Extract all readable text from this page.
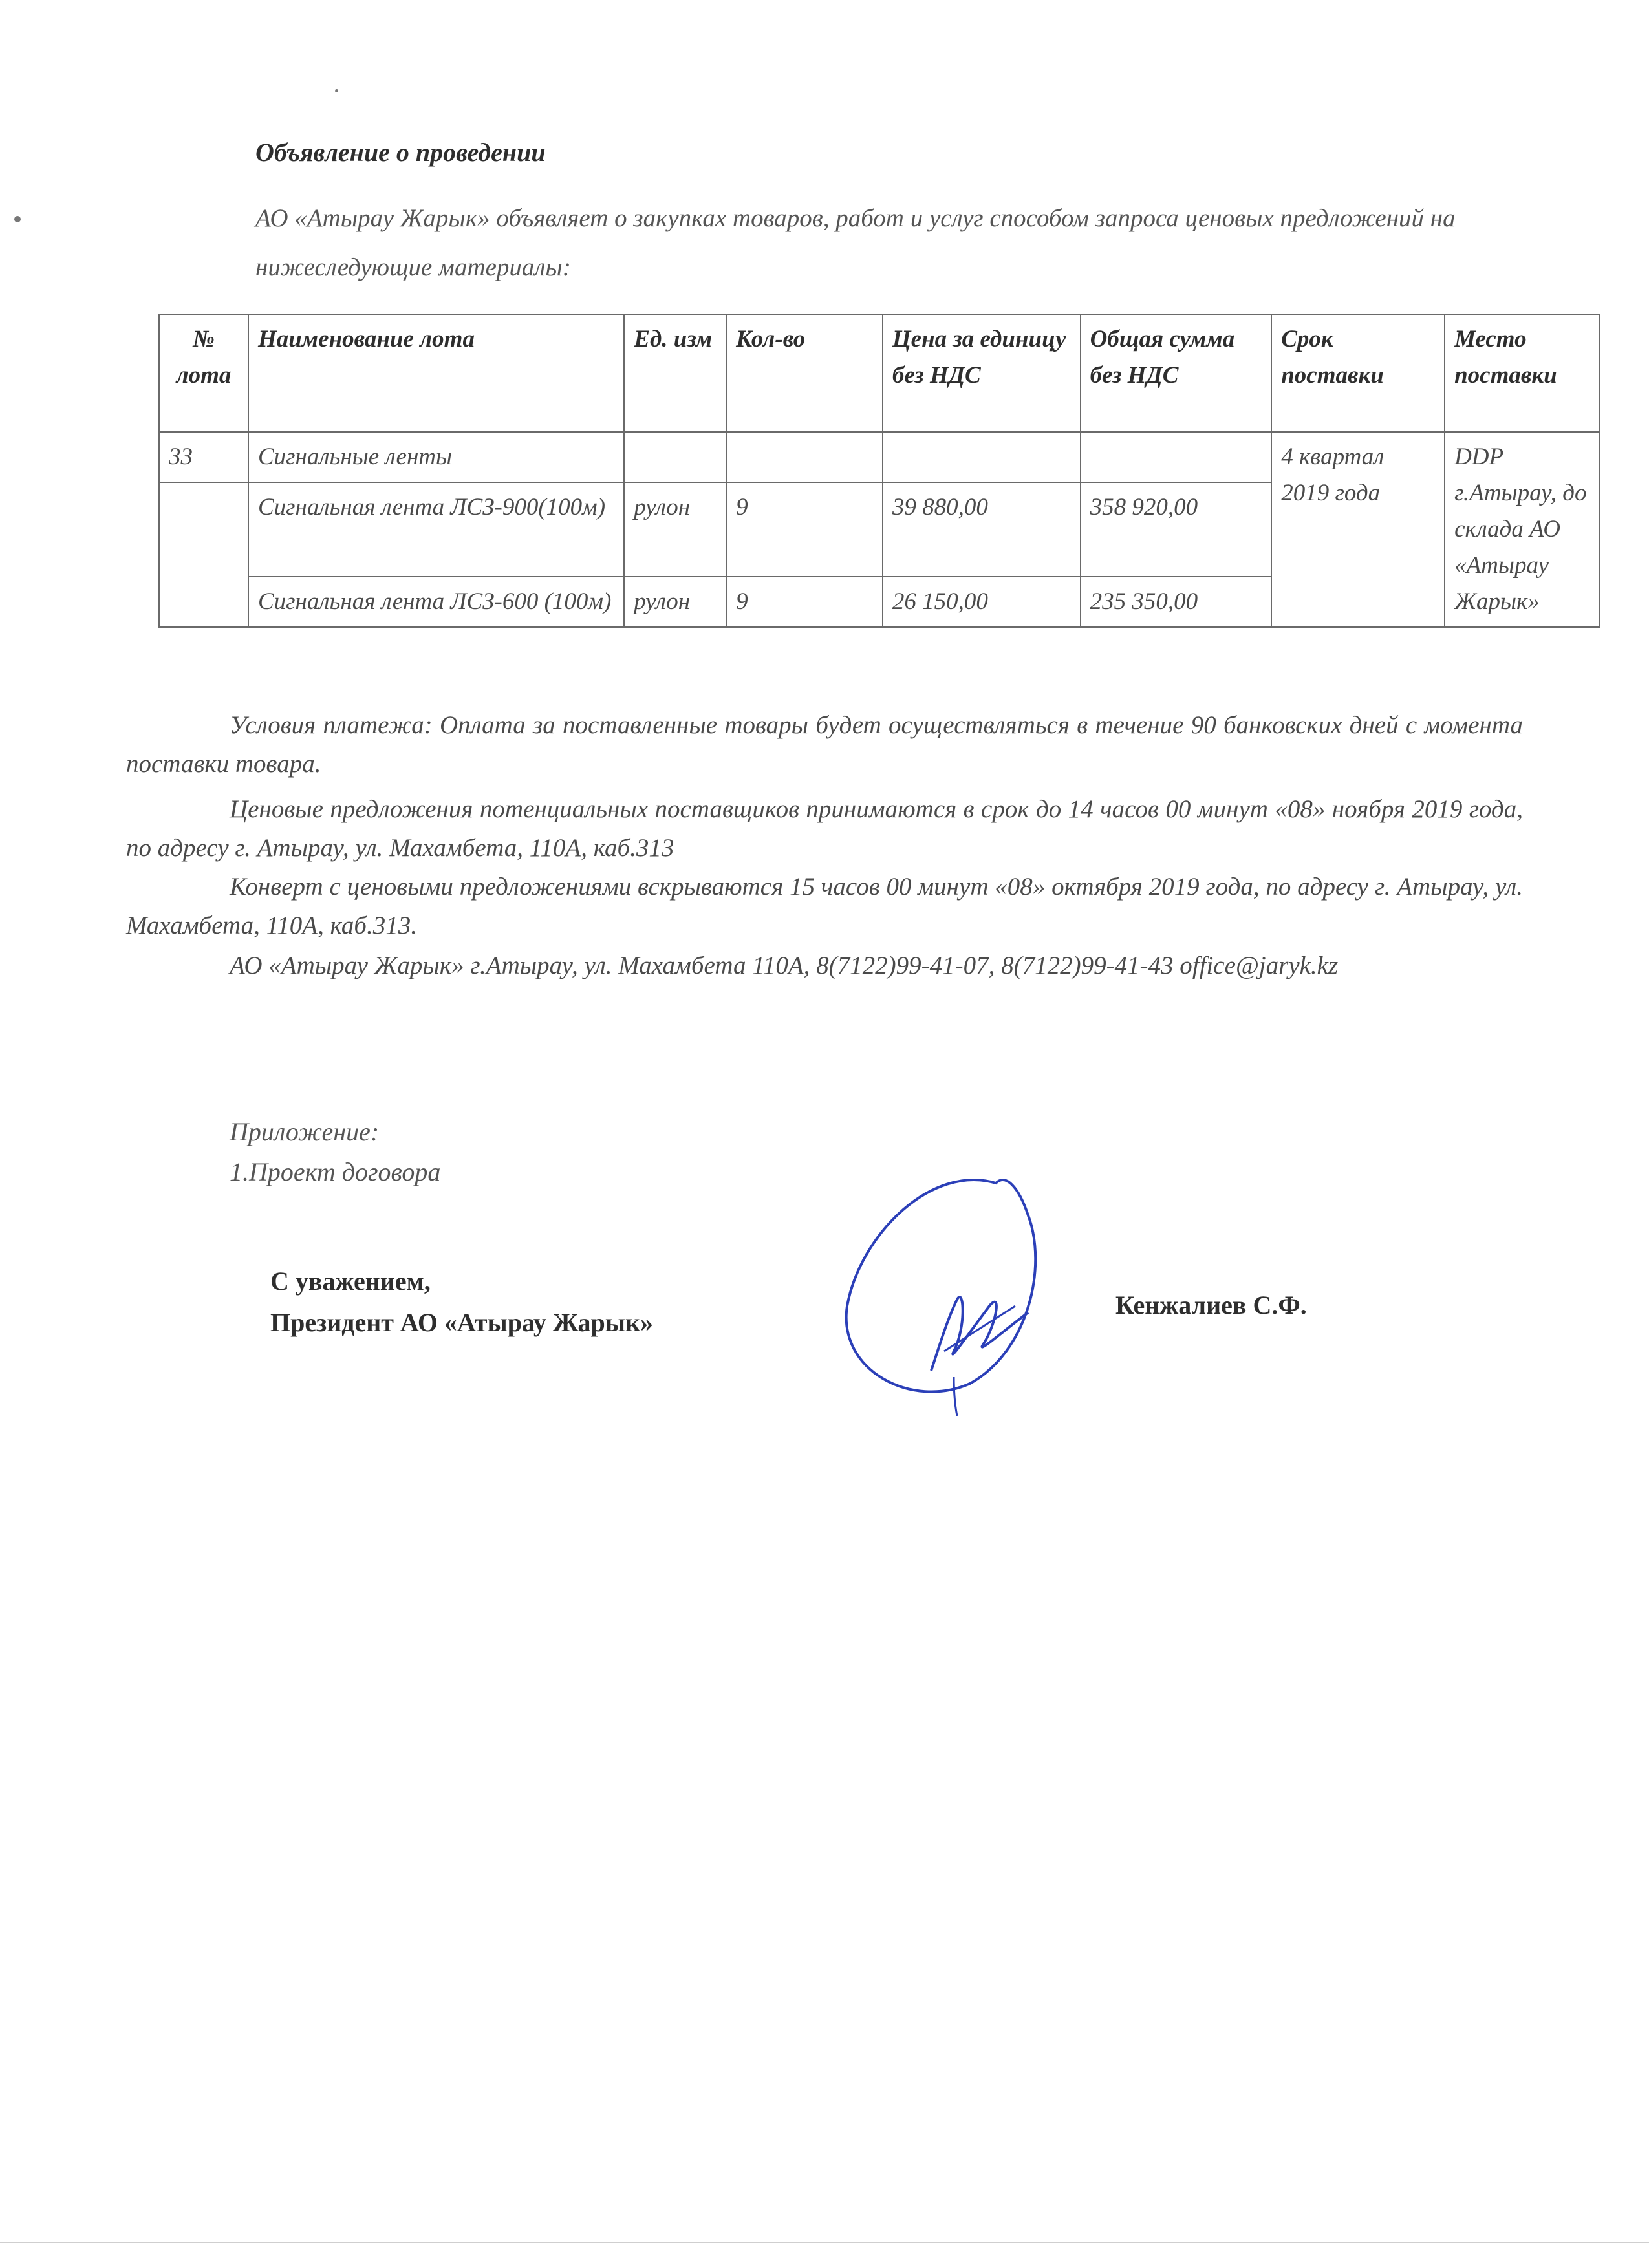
Объявление о проведении
АО «Атырау Жарык» объявляет о закупках товаров, работ и услуг способом запроса ценовых предложений на нижеследующие материалы:
№ лота	Наименование лота	Ед. изм	Кол-во	Цена за единицу без НДС	Общая сумма без НДС	Срок поставки	Место поставки
33	Сигнальные ленты					4 квартал 2019 года	DDP г.Атырау, до склада АО «Атырау Жарык»
	Сигнальная лента ЛСЗ-900(100м)	рулон	9	39 880,00	358 920,00		
	Сигнальная лента ЛСЗ-600 (100м)	рулон	9	26 150,00	235 350,00		
Условия платежа: Оплата за поставленные товары будет осуществляться в течение 90 банковских дней с момента поставки товара.
Ценовые предложения потенциальных поставщиков принимаются в срок до 14 часов 00 минут «08» ноября 2019 года, по адресу г. Атырау, ул. Махамбета, 110А, каб.313
Конверт с ценовыми предложениями вскрываются 15 часов 00 минут «08» октября 2019 года, по адресу г. Атырау, ул. Махамбета, 110А, каб.313.
АО «Атырау Жарык» г.Атырау, ул. Махамбета 110А, 8(7122)99-41-07, 8(7122)99-41-43 office@jaryk.kz
Приложение:
1.Проект договора
С уважением,
Президент АО «Атырау Жарык»
Кенжалиев С.Ф.
